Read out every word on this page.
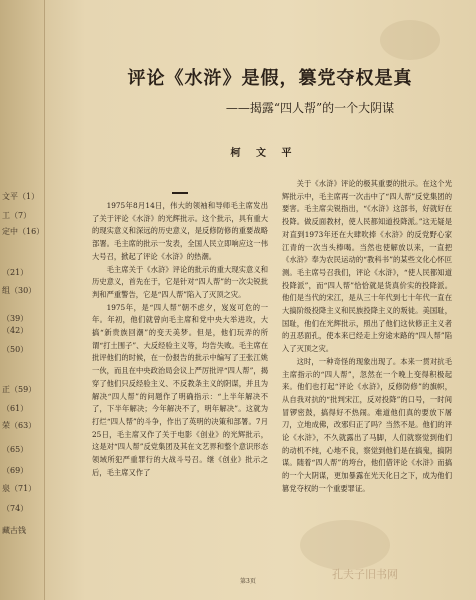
文平（1）
工（7）
定中（16）
（21）
组（30）
（39）
（42）
（50）
正（59）
（61）
荣（63）
（65）
（69）
泉（71）
（74）
藏古钱
评论《水浒》是假，篡党夺权是真
——揭露“四人帮”的一个大阴谋
柯 文 平

1975年8月14日，伟大的领袖和导师毛主席发出了关于评论《水浒》的光辉批示。这个批示，具有重大的现实意义和深远的历史意义，是反修防修的重要战略部署。毛主席的批示一发表，全国人民立即响应这一伟大号召，掀起了评论《水浒》的热潮。

毛主席关于《水浒》评论的批示的重大现实意义和历史意义，首先在于，它是针对“四人帮”的一次尖锐批判和严重警告，它是“四人帮”陷入了灭顶之灾。

1975年，是“四人帮”朝不虑夕，岌岌可危的一年。年初，他们就曾向毛主席和党中央大举进攻，大搞“新贵族回潮”的变天美梦。但是，他们玩弄的所谓“打土围子”、大反经验主义等，均告失败。毛主席在批评他们的时候，在一份报告的批示中编写了王张江姚一伙，而且在中央政治局会议上严厉批评“四人帮”，揭穿了他们只反经验主义、不反教条主义的阴谋，并且为解决“四人帮”的问题作了明确指示：“上半年解决不了，下半年解决；今年解决不了，明年解决”。这就为打烂“四人帮”的斗争，作出了英明的决策和部署。7月25日，毛主席又作了关于电影《创业》的光辉批示，这是对“四人帮”反党集团及其在文艺界和整个意识形态领域所犯严重罪行的大战斗号召。继《创业》批示之后，毛主席又作了

关于《水浒》评论的极其重要的批示。在这个光辉批示中，毛主席再一次击中了“四人帮”反党集团的要害。毛主席尖锐指出，“《水浒》这部书，好就好在投降。做反面教材，使人民都知道投降派。”这无疑是对直到1973年还在大肆吹捧《水浒》的反党野心家江青的一次当头棒喝。当然也使解放以来，一直把《水浒》奉为农民运动的“教科书”的某些文化心怀叵测。毛主席号召我们，评论《水浒》，“使人民都知道投降派”，而“四人帮”恰恰就是货真价实的投降派。他们是当代的宋江，是从三十年代到七十年代一直在大搞阶级投降主义和民族投降主义的叛徒。美国耻，国耻，他们在光辉批示，照出了他们这伙修正主义者的丑恶面孔，使本来已经走上穷途末路的“四人帮”陷入了灭顶之灾。

这时，一种奇怪的现象出现了。本来一贯对抗毛主席指示的“四人帮”，忽然在一个晚上变得积极起来。他们也打起“评论《水浒》，反修防修”的旗帜，从自我对抗的“批判宋江，反对投降”的口号，一时间冒锣密鼓，搞得好不热闹。难道他们真的要放下屠刀，立地成佛，改邪归正了吗？当然不是。他们的评论《水浒》，不久就露出了马脚，人们就察觉到他们的动机不纯，心地不良，察觉到他们是在搞鬼，搞阴谋。随着“四人帮”的垮台，他们借评论《水浒》而搞的一个大阴谋，更加暴露在光天化日之下，成为他们篡党夺权的一个重要罪证。

第3页
孔夫子旧书网
